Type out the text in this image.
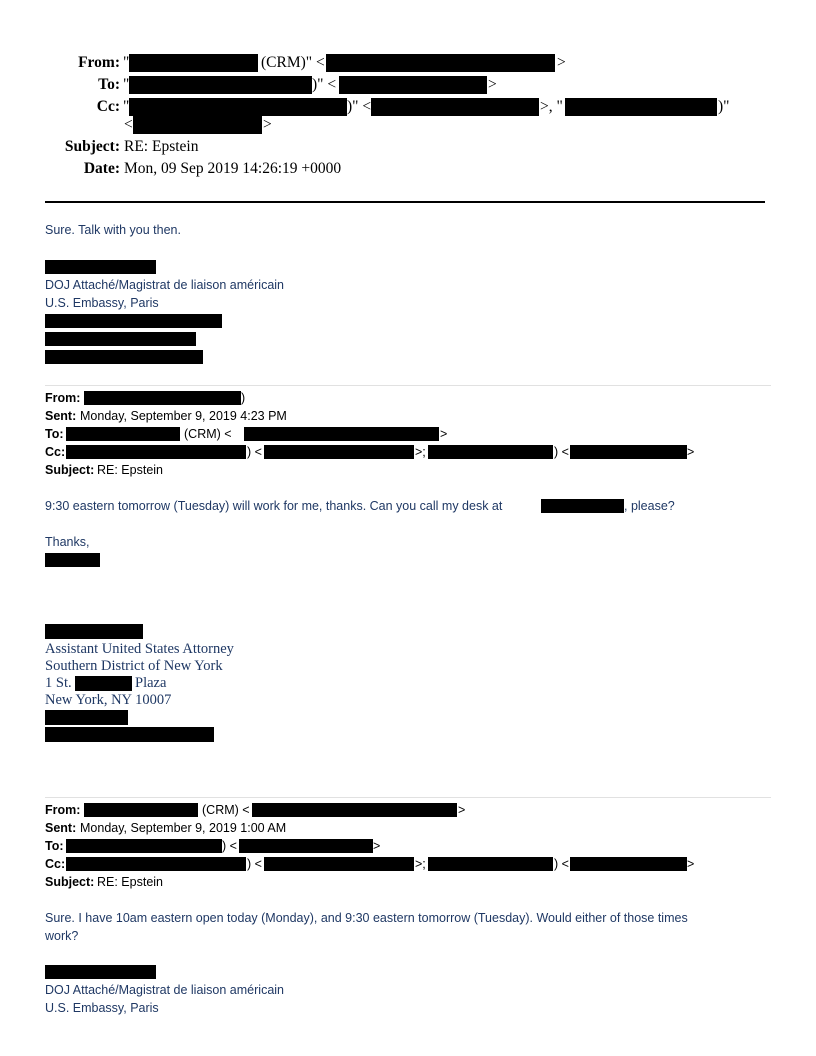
From: "	(CRM)" <	>
To: "	)" <	>
Cc: "	)" <	>, "	)"
<	>
Subject: RE: Epstein
Date: Mon, 09 Sep 2019 14:26:19 +0000
Sure. Talk with you then.
DOJ Attaché/Magistrat de liaison américain
U.S. Embassy, Paris
From:	)
Sent: Monday, September 9, 2019 4:23 PM
To:	(CRM) <	>
Cc:	) <	>;	) <	>
Subject: RE: Epstein
9:30 eastern tomorrow (Tuesday) will work for me, thanks. Can you call my desk at	, please?
Thanks,
Assistant United States Attorney
Southern District of New York
1 St.	Plaza
New York, NY 10007
From:	(CRM) <	>
Sent: Monday, September 9, 2019 1:00 AM
To:	) <	>
Cc:	) <	>;	) <	>
Subject: RE: Epstein
Sure. I have 10am eastern open today (Monday), and 9:30 eastern tomorrow (Tuesday). Would either of those times
work?
DOJ Attaché/Magistrat de liaison américain
U.S. Embassy, Paris
